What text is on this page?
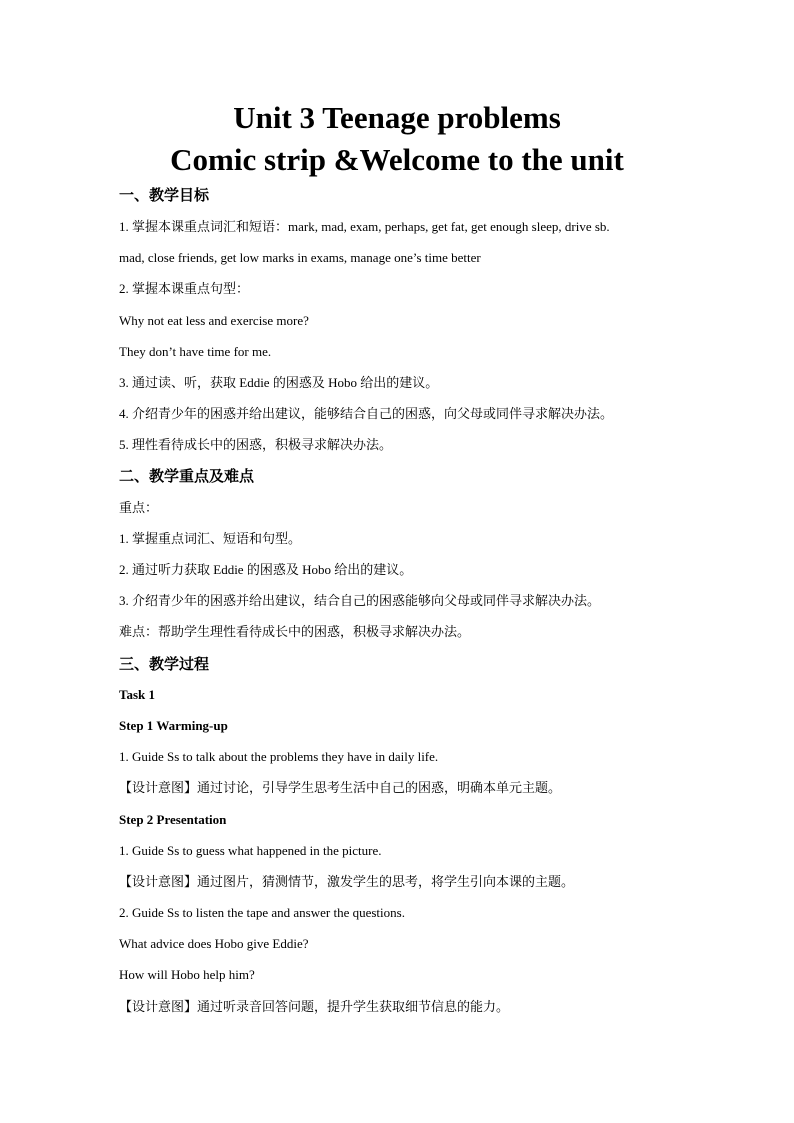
Unit 3 Teenage problems
Comic strip &Welcome to the unit
一、教学目标
1. 掌握本课重点词汇和短语：mark, mad, exam, perhaps, get fat, get enough sleep, drive sb.
mad, close friends, get low marks in exams, manage one’s time better
2. 掌握本课重点句型：
Why not eat less and exercise more?
They don’t have time for me.
3. 通过读、听，获取 Eddie 的困惑及 Hobo 给出的建议。
4. 介绍青少年的困惑并给出建议，能够结合自己的困惑，向父母或同伴寻求解决办法。
5. 理性看待成长中的困惑，积极寻求解决办法。
二、教学重点及难点
重点：
1. 掌握重点词汇、短语和句型。
2. 通过听力获取 Eddie 的困惑及 Hobo 给出的建议。
3. 介绍青少年的困惑并给出建议，结合自己的困惑能够向父母或同伴寻求解决办法。
难点：帮助学生理性看待成长中的困惑，积极寻求解决办法。
三、教学过程
Task 1
Step 1 Warming-up
1. Guide Ss to talk about the problems they have in daily life.
【设计意图】通过讨论，引导学生思考生活中自己的困惑，明确本单元主题。
Step 2 Presentation
1. Guide Ss to guess what happened in the picture.
【设计意图】通过图片，猜测情节，激发学生的思考，将学生引向本课的主题。
2. Guide Ss to listen the tape and answer the questions.
What advice does Hobo give Eddie?
How will Hobo help him?
【设计意图】通过听录音回答问题，提升学生获取细节信息的能力。
